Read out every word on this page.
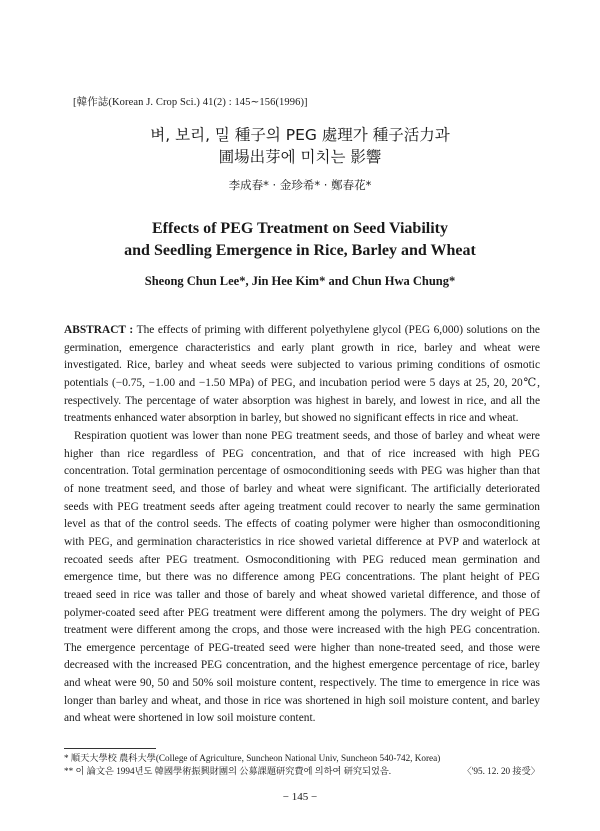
[韓作誌(Korean J. Crop Sci.) 41(2) : 145∼156(1996)]
벼, 보리, 밀 種子의 PEG 處理가 種子活力과
圃場出芽에 미치는 影響
李成春* · 金珍希* · 鄭春花*
Effects of PEG Treatment on Seed Viability
and Seedling Emergence in Rice, Barley and Wheat
Sheong Chun Lee*, Jin Hee Kim* and Chun Hwa Chung*

ABSTRACT : The effects of priming with different polyethylene glycol (PEG 6,000) solutions on the germination, emergence characteristics and early plant growth in rice, barley and wheat were investigated. Rice, barley and wheat seeds were subjected to various priming conditions of osmotic potentials (−0.75, −1.00 and −1.50 MPa) of PEG, and incubation period were 5 days at 25, 20, 20℃, respectively. The percentage of water absorption was highest in barely, and lowest in rice, and all the treatments enhanced water absorption in barley, but showed no significant effects in rice and wheat.

Respiration quotient was lower than none PEG treatment seeds, and those of barley and wheat were higher than rice regardless of PEG concentration, and that of rice increased with high PEG concentration. Total germination percentage of osmoconditioning seeds with PEG was higher than that of none treatment seed, and those of barley and wheat were significant. The artificially deteriorated seeds with PEG treatment seeds after ageing treatment could recover to nearly the same germination level as that of the control seeds. The effects of coating polymer were higher than osmoconditioning with PEG, and germination characteristics in rice showed varietal difference at PVP and waterlock at recoated seeds after PEG treatment. Osmoconditioning with PEG reduced mean germination and emergence time, but there was no difference among PEG concentrations. The plant height of PEG treaed seed in rice was taller and those of barely and wheat showed varietal difference, and those of polymer-coated seed after PEG treatment were different among the polymers. The dry weight of PEG treatment were different among the crops, and those were increased with the high PEG concentration. The emergence percentage of PEG-treated seed were higher than none-treated seed, and those were decreased with the increased PEG concentration, and the highest emergence percentage of rice, barley and wheat were 90, 50 and 50% soil moisture content, respectively. The time to emergence in rice was longer than barley and wheat, and those in rice was shortened in high soil moisture content, and barley and wheat were shortened in low soil moisture content.

* 順天大學校 農科大學(College of Agriculture, Suncheon National Univ, Suncheon 540-742, Korea)
** 이 論文은 1994년도 韓國學術振興財團의 公募課題研究費에 의하여 研究되었음.	〈'95. 12. 20 接受〉
− 145 −
